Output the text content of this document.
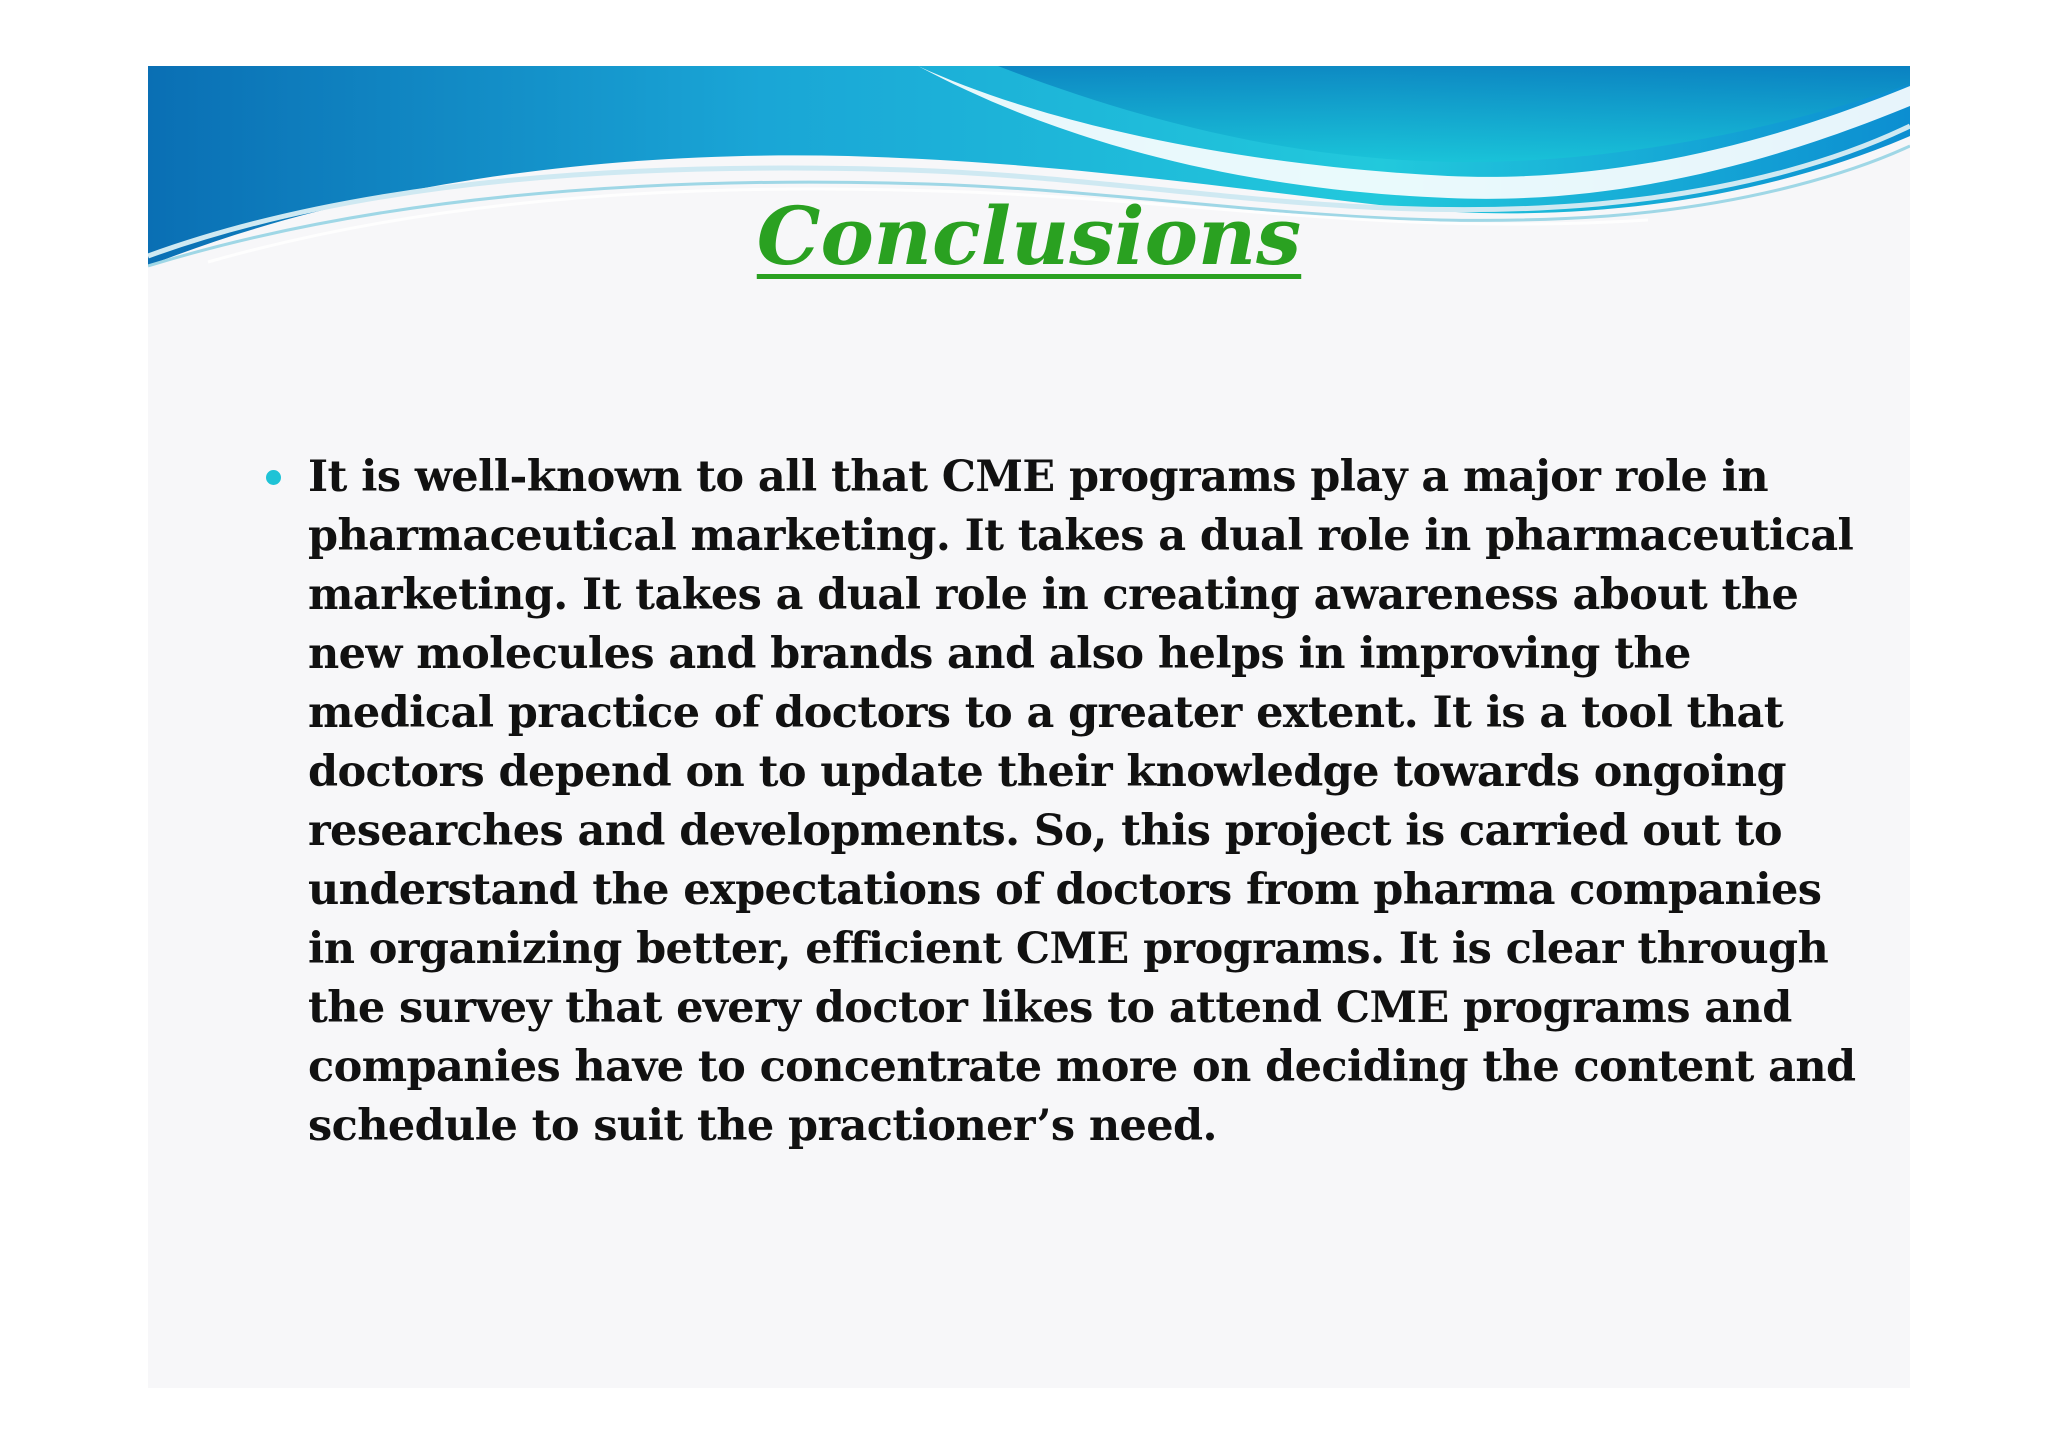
Conclusions

It is well-known to all that CME programs play a major role in pharmaceutical marketing. It takes a dual role in pharmaceutical marketing. It takes a dual role in creating awareness about the new molecules and brands and also helps in improving the medical practice of doctors to a greater extent. It is a tool that doctors depend on to update their knowledge towards ongoing researches and developments. So, this project is carried out to understand the expectations of doctors from pharma companies in organizing better, efficient CME programs. It is clear through the survey that every doctor likes to attend CME programs and companies have to concentrate more on deciding the content and schedule to suit the practioner’s need.
